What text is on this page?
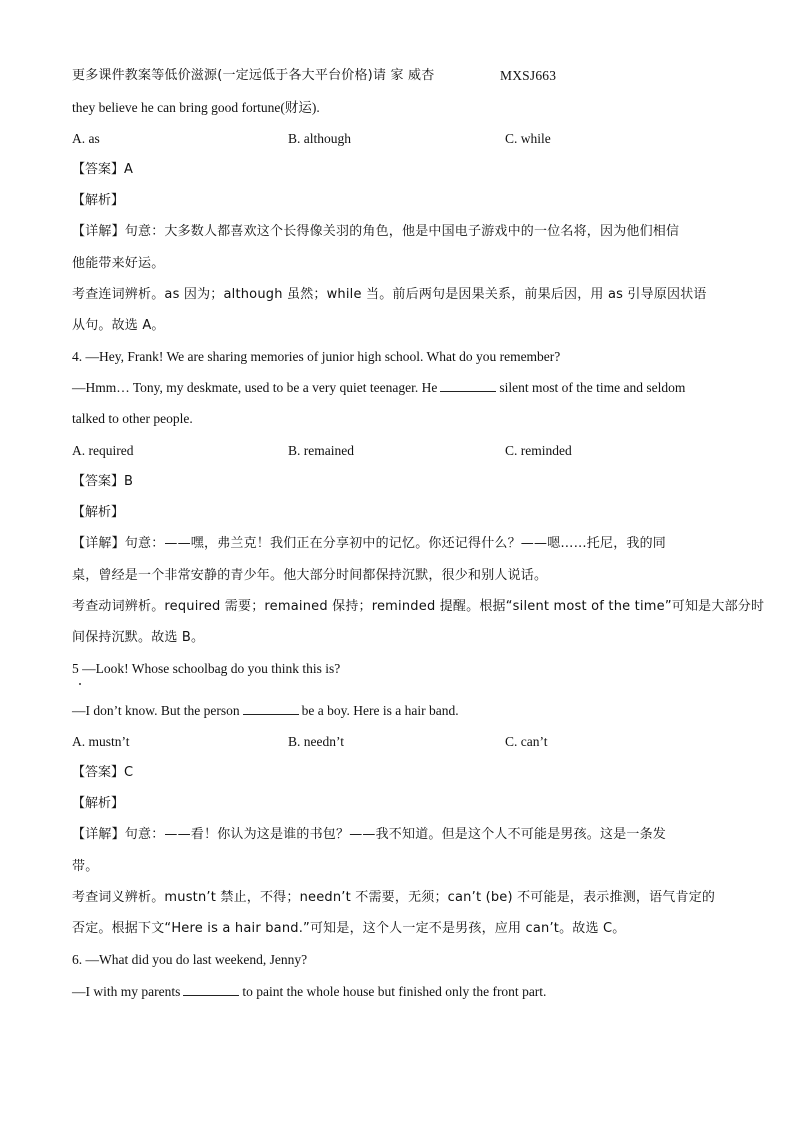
更多课件教案等低价滋源(一定远低于各大平台价格)请 家 威杏	MXSJ663
they believe he can bring good fortune(财运).
A. as	B. although	C. while
【答案】A
【解析】
【详解】句意：大多数人都喜欢这个长得像关羽的角色，他是中国电子游戏中的一位名将，因为他们相信
他能带来好运。
考查连词辨析。as 因为；although 虽然；while 当。前后两句是因果关系，前果后因，用 as 引导原因状语
从句。故选 A。
4. —Hey, Frank! We are sharing memories of junior high school. What do you remember?
—Hmm… Tony, my deskmate, used to be a very quiet teenager. He	silent most of the time and seldom
talked to other people.
A. required	B. remained	C. reminded
【答案】B
【解析】
【详解】句意：——嘿，弗兰克！我们正在分享初中的记忆。你还记得什么？——嗯……托尼，我的同
桌，曾经是一个非常安静的青少年。他大部分时间都保持沉默，很少和别人说话。
考查动词辨析。required 需要；remained 保持；reminded 提醒。根据“silent most of the time”可知是大部分时
间保持沉默。故选 B。
5 —Look! Whose schoolbag do you think this is?
—I don’t know. But the person	be a boy. Here is a hair band.
A. mustn’t	B. needn’t	C. can’t
【答案】C
【解析】
【详解】句意：——看！你认为这是谁的书包？——我不知道。但是这个人不可能是男孩。这是一条发
带。
考查词义辨析。mustn’t 禁止，不得；needn’t 不需要，无须；can’t (be) 不可能是，表示推测，语气肯定的
否定。根据下文“Here is a hair band.”可知是，这个人一定不是男孩，应用 can’t。故选 C。
6. —What did you do last weekend, Jenny?
—I with my parents	to paint the whole house but finished only the front part.
